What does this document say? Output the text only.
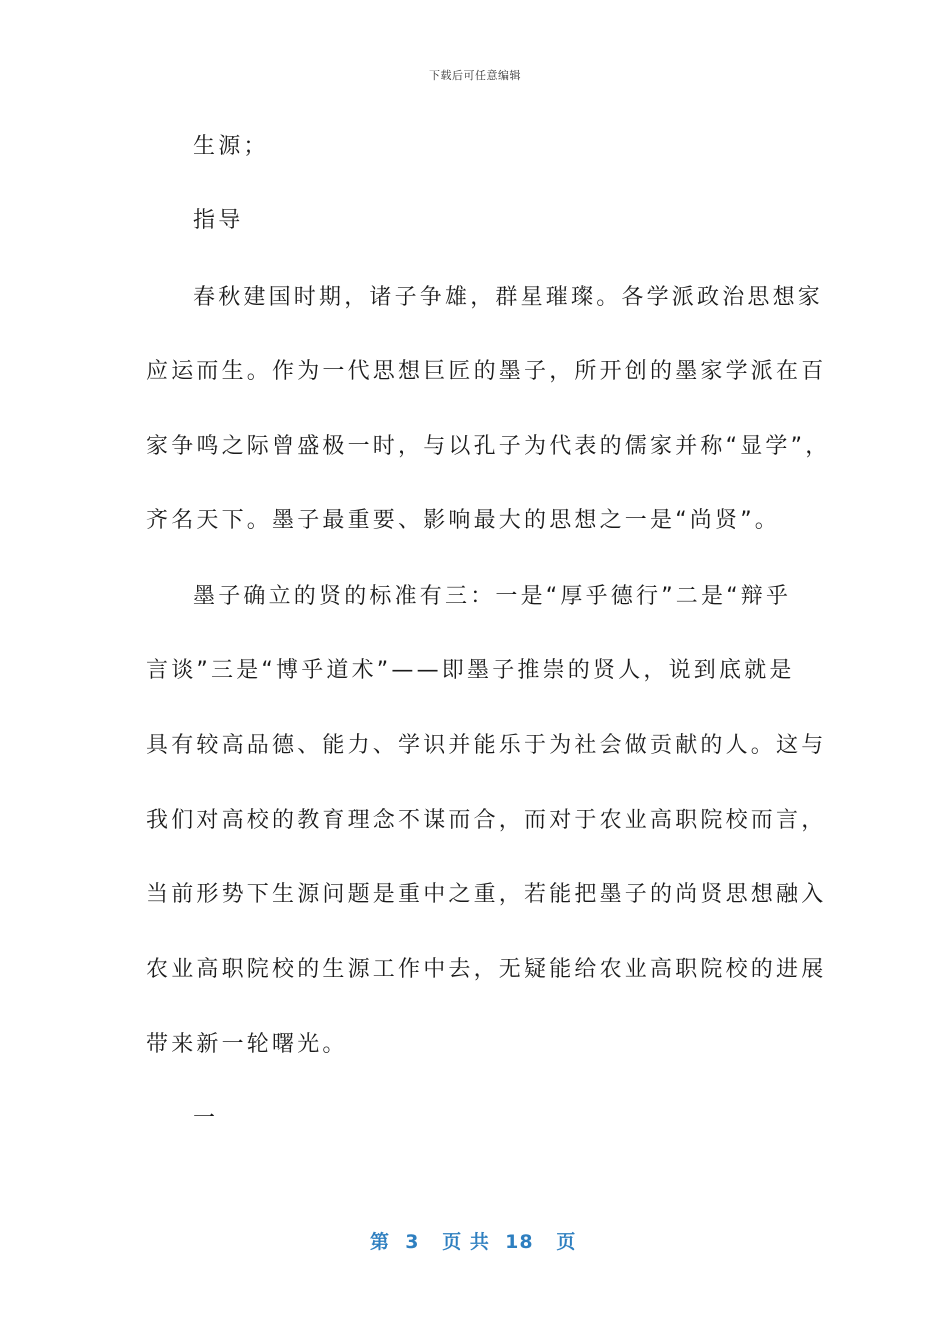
下载后可任意编辑
生源；
指导
春秋建国时期，诸子争雄，群星璀璨。各学派政治思想家
应运而生。作为一代思想巨匠的墨子，所开创的墨家学派在百
家争鸣之际曾盛极一时，与以孔子为代表的儒家并称“显学”，
齐名天下。墨子最重要、影响最大的思想之一是“尚贤”。
墨子确立的贤的标准有三：一是“厚乎德行”二是“辩乎
言谈”三是“博乎道术”——即墨子推崇的贤人，说到底就是
具有较高品德、能力、学识并能乐于为社会做贡献的人。这与
我们对高校的教育理念不谋而合，而对于农业高职院校而言，
当前形势下生源问题是重中之重，若能把墨子的尚贤思想融入
农业高职院校的生源工作中去，无疑能给农业高职院校的进展
带来新一轮曙光。
一
第  3   页 共  18   页
